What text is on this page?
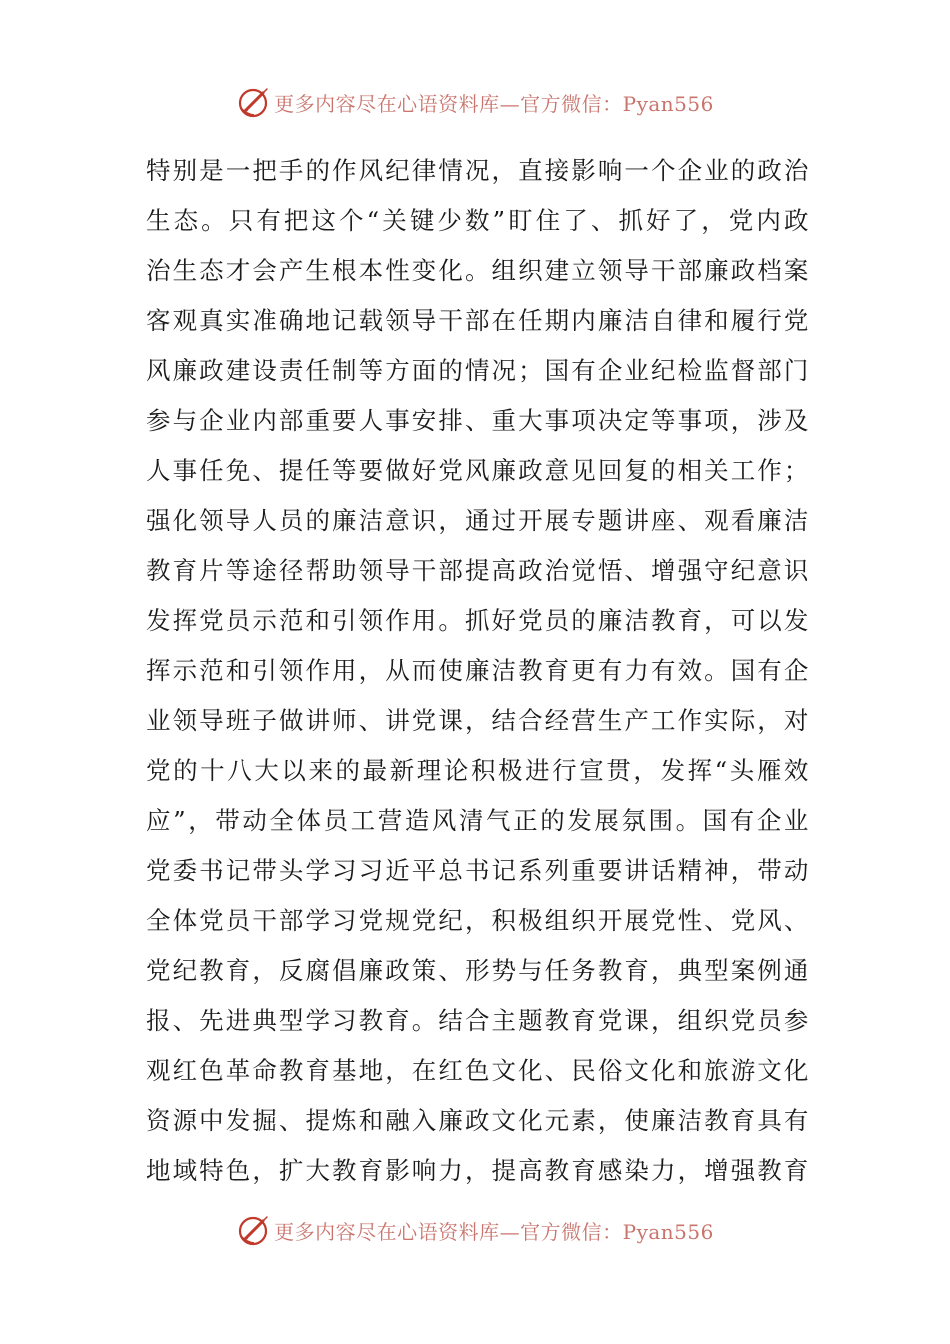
更多内容尽在心语资料库—官方微信：Pyan556
特 别 是 一 把 手 的 作 风 纪 律 情 况 ， 直 接 影 响 一 个 企 业 的 政 治
生 态 。 只 有 把 这 个 “ 关 键 少 数 ” 盯 住 了 、 抓 好 了 ， 党 内 政
治 生 态 才 会 产 生 根 本 性 变 化 。 组 织 建 立 领 导 干 部 廉 政 档 案
客 观 真 实 准 确 地 记 载 领 导 干 部 在 任 期 内 廉 洁 自 律 和 履 行 党
风 廉 政 建 设 责 任 制 等 方 面 的 情 况 ； 国 有 企 业 纪 检 监 督 部 门
参 与 企 业 内 部 重 要 人 事 安 排 、 重 大 事 项 决 定 等 事 项 ， 涉 及
人 事 任 免 、 提 任 等 要 做 好 党 风 廉 政 意 见 回 复 的 相 关 工 作 ；
强 化 领 导 人 员 的 廉 洁 意 识 ， 通 过 开 展 专 题 讲 座 、 观 看 廉 洁
教 育 片 等 途 径 帮 助 领 导 干 部 提 高 政 治 觉 悟 、 增 强 守 纪 意 识
发 挥 党 员 示 范 和 引 领 作 用 。 抓 好 党 员 的 廉 洁 教 育 ， 可 以 发
挥 示 范 和 引 领 作 用 ， 从 而 使 廉 洁 教 育 更 有 力 有 效 。 国 有 企
业 领 导 班 子 做 讲 师 、 讲 党 课 ， 结 合 经 营 生 产 工 作 实 际 ， 对
党 的 十 八 大 以 来 的 最 新 理 论 积 极 进 行 宣 贯 ， 发 挥 “ 头 雁 效
应 ” ， 带 动 全 体 员 工 营 造 风 清 气 正 的 发 展 氛 围 。 国 有 企 业
党 委 书 记 带 头 学 习 习 近 平 总 书 记 系 列 重 要 讲 话 精 神 ， 带 动
全 体 党 员 干 部 学 习 党 规 党 纪 ， 积 极 组 织 开 展 党 性 、 党 风 、
党 纪 教 育 ， 反 腐 倡 廉 政 策 、 形 势 与 任 务 教 育 ， 典 型 案 例 通
报 、 先 进 典 型 学 习 教 育 。 结 合 主 题 教 育 党 课 ， 组 织 党 员 参
观 红 色 革 命 教 育 基 地 ， 在 红 色 文 化 、 民 俗 文 化 和 旅 游 文 化
资 源 中 发 掘 、 提 炼 和 融 入 廉 政 文 化 元 素 ， 使 廉 洁 教 育 具 有
地 域 特 色 ， 扩 大 教 育 影 响 力 ， 提 高 教 育 感 染 力 ， 增 强 教 育
更多内容尽在心语资料库—官方微信：Pyan556
